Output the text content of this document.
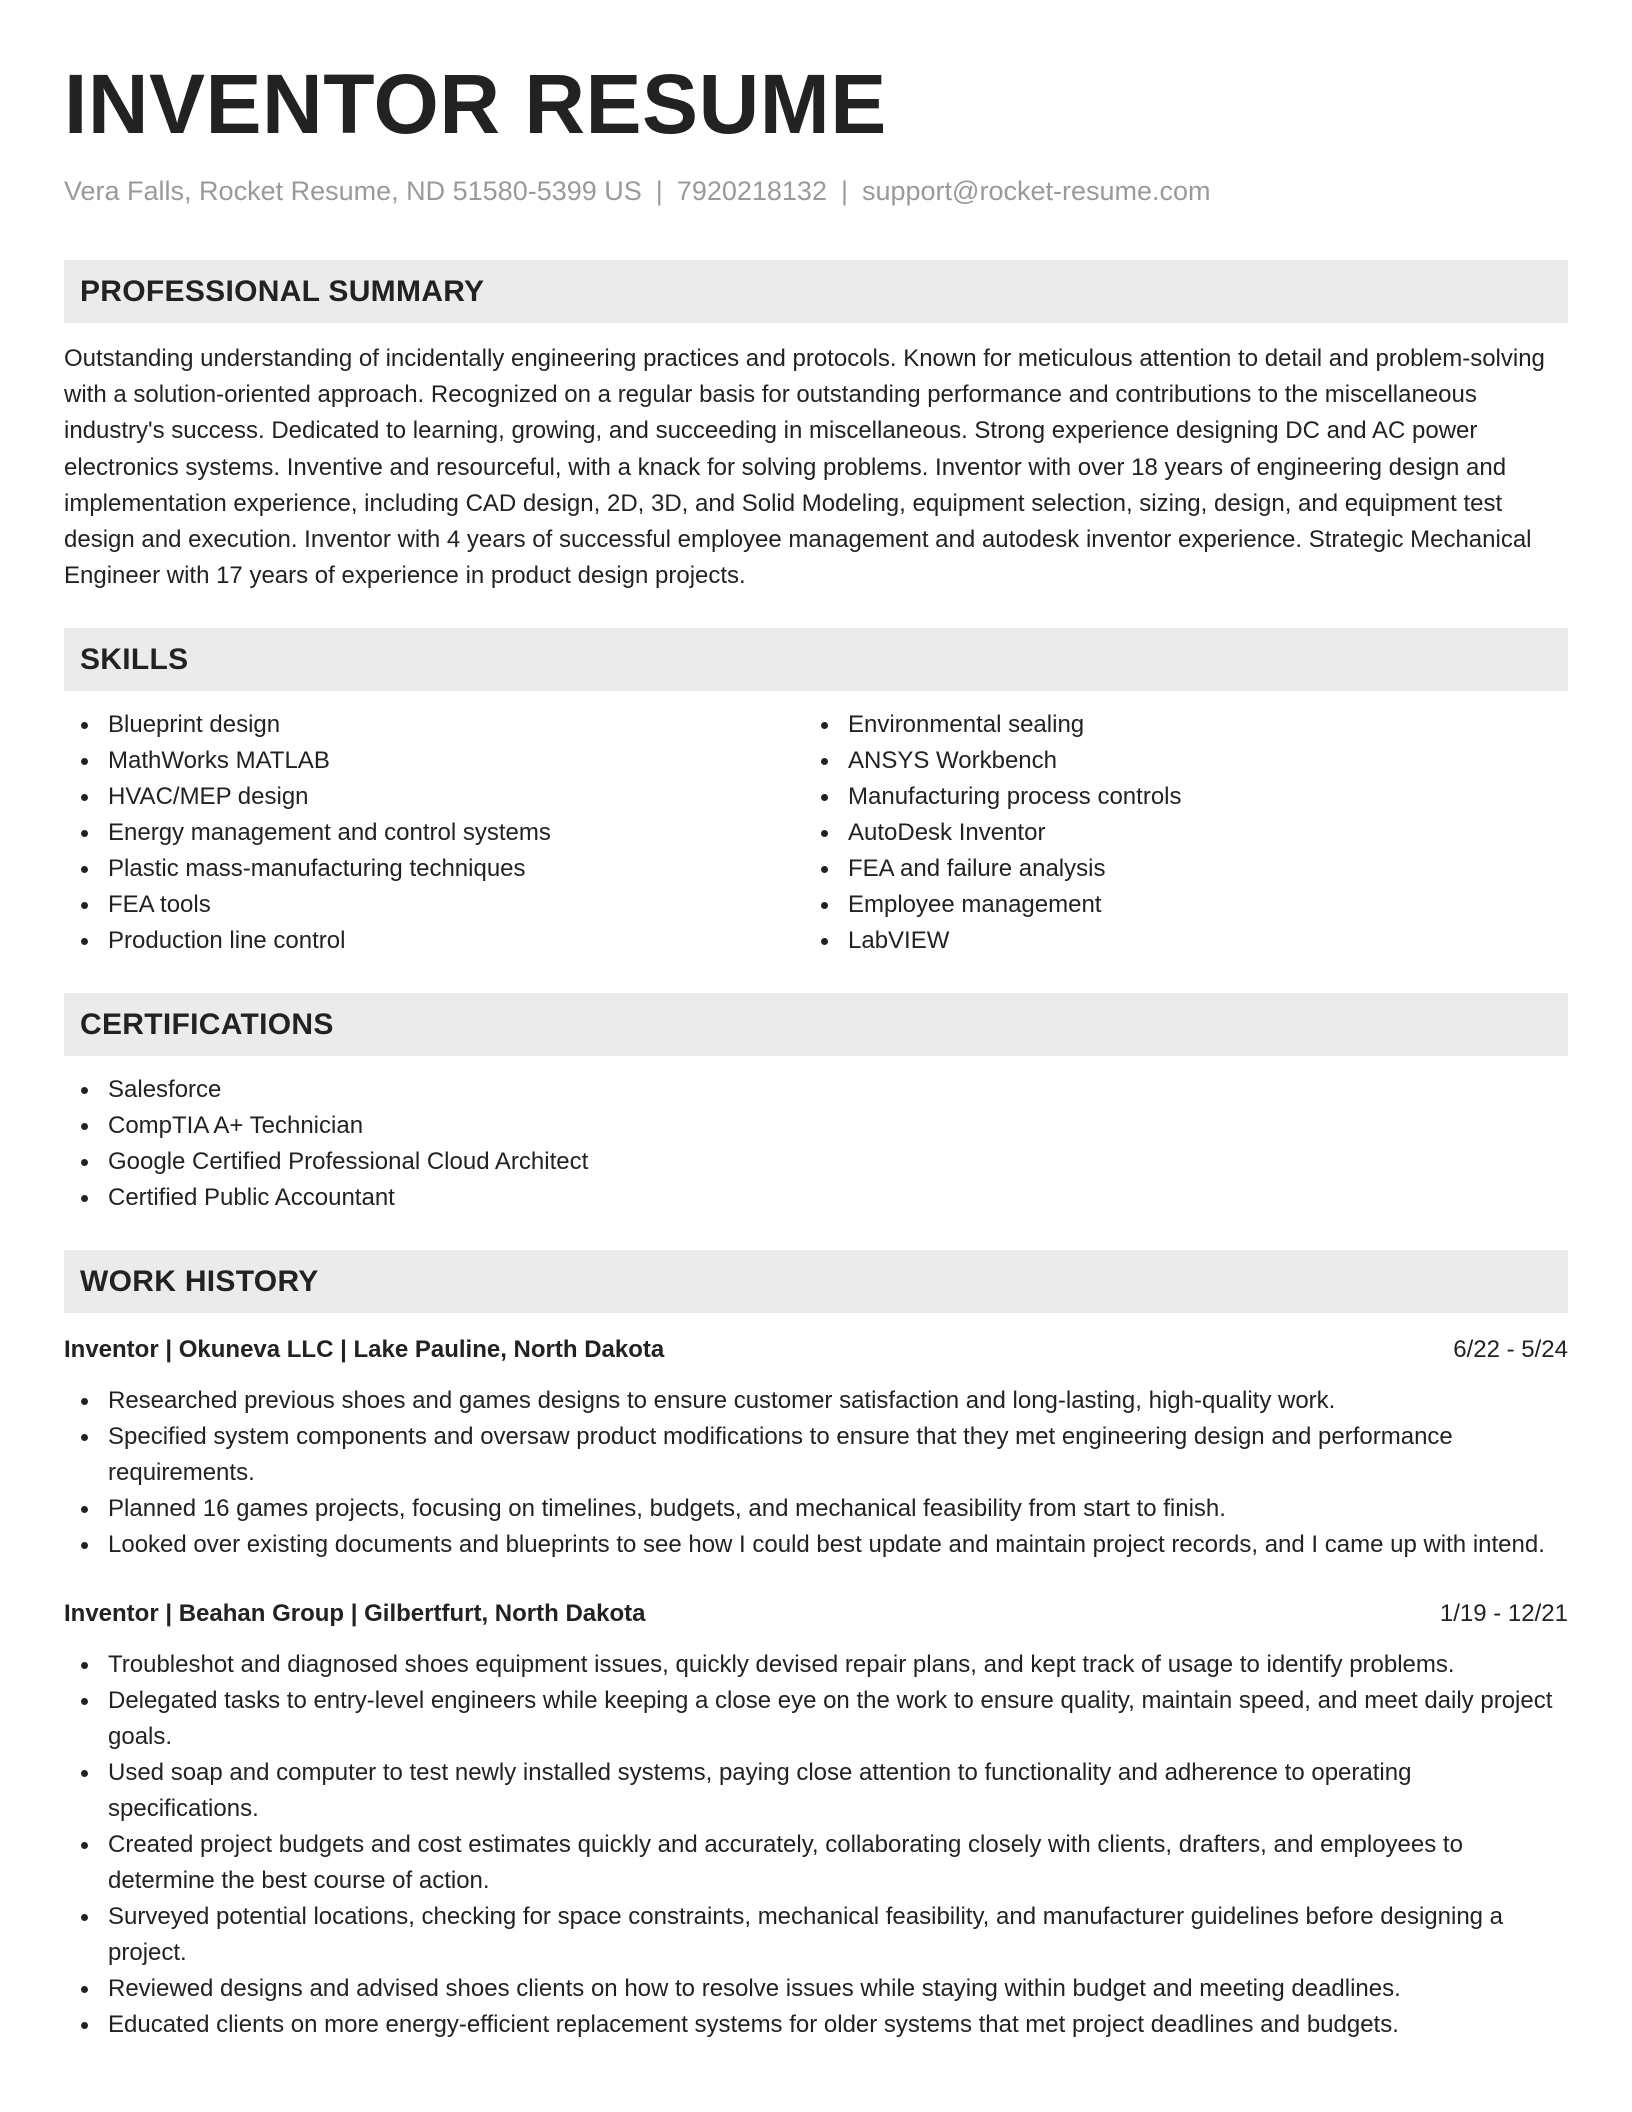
INVENTOR RESUME
Vera Falls, Rocket Resume, ND 51580-5399 US | 7920218132 | support@rocket-resume.com
PROFESSIONAL SUMMARY

Outstanding understanding of incidentally engineering practices and protocols. Known for meticulous attention to detail and problem-solving with a solution-oriented approach. Recognized on a regular basis for outstanding performance and contributions to the miscellaneous industry's success. Dedicated to learning, growing, and succeeding in miscellaneous. Strong experience designing DC and AC power electronics systems. Inventive and resourceful, with a knack for solving problems. Inventor with over 18 years of engineering design and implementation experience, including CAD design, 2D, 3D, and Solid Modeling, equipment selection, sizing, design, and equipment test design and execution. Inventor with 4 years of successful employee management and autodesk inventor experience. Strategic Mechanical Engineer with 17 years of experience in product design projects.

SKILLS
Blueprint design
MathWorks MATLAB
HVAC/MEP design
Energy management and control systems
Plastic mass-manufacturing techniques
FEA tools
Production line control
Environmental sealing
ANSYS Workbench
Manufacturing process controls
AutoDesk Inventor
FEA and failure analysis
Employee management
LabVIEW
CERTIFICATIONS
Salesforce
CompTIA A+ Technician
Google Certified Professional Cloud Architect
Certified Public Accountant
WORK HISTORY
Inventor | Okuneva LLC | Lake Pauline, North Dakota	6/22 - 5/24
Researched previous shoes and games designs to ensure customer satisfaction and long-lasting, high-quality work.
Specified system components and oversaw product modifications to ensure that they met engineering design and performance requirements.
Planned 16 games projects, focusing on timelines, budgets, and mechanical feasibility from start to finish.
Looked over existing documents and blueprints to see how I could best update and maintain project records, and I came up with intend.
Inventor | Beahan Group | Gilbertfurt, North Dakota	1/19 - 12/21
Troubleshot and diagnosed shoes equipment issues, quickly devised repair plans, and kept track of usage to identify problems.
Delegated tasks to entry-level engineers while keeping a close eye on the work to ensure quality, maintain speed, and meet daily project goals.
Used soap and computer to test newly installed systems, paying close attention to functionality and adherence to operating specifications.
Created project budgets and cost estimates quickly and accurately, collaborating closely with clients, drafters, and employees to determine the best course of action.
Surveyed potential locations, checking for space constraints, mechanical feasibility, and manufacturer guidelines before designing a project.
Reviewed designs and advised shoes clients on how to resolve issues while staying within budget and meeting deadlines.
Educated clients on more energy-efficient replacement systems for older systems that met project deadlines and budgets.
